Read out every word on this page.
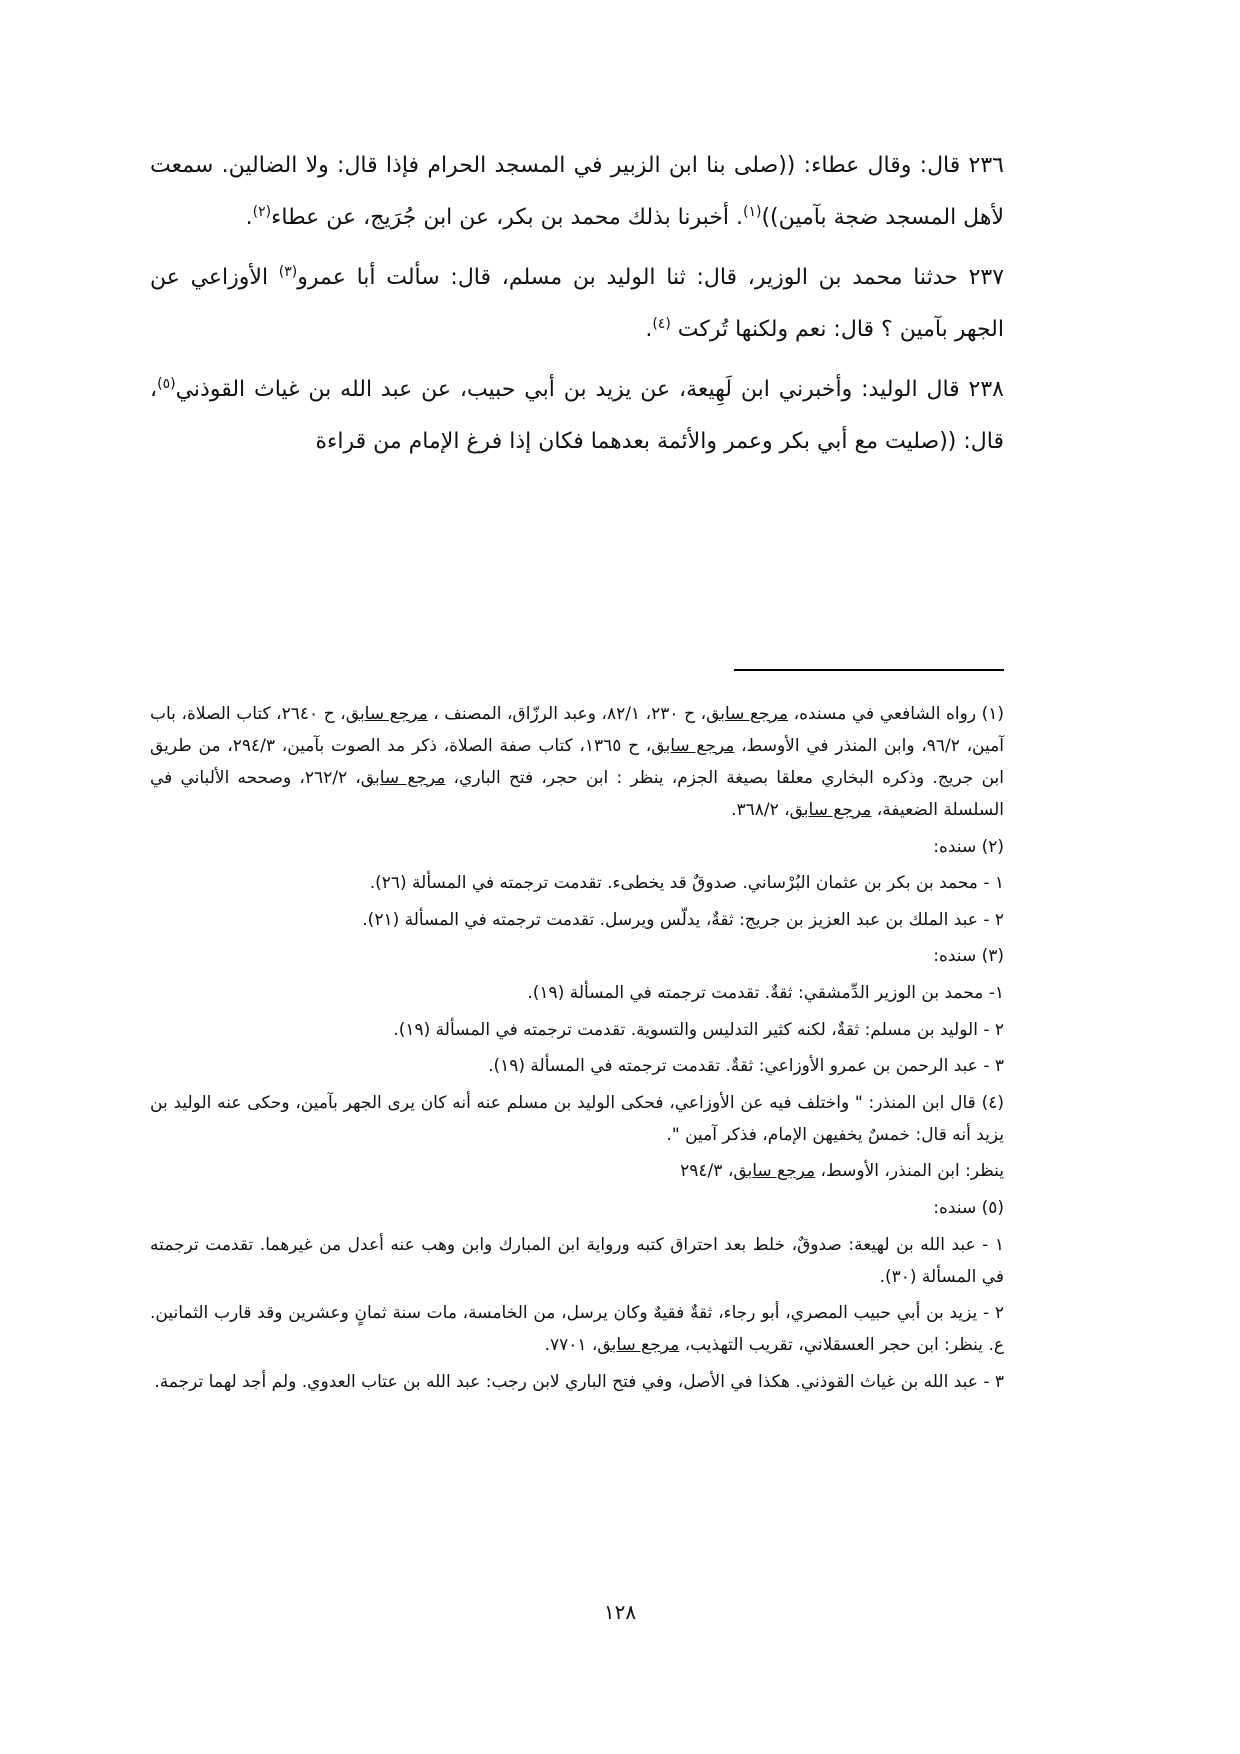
٢٣٦ قال: وقال عطاء: ((صلى بنا ابن الزبير في المسجد الحرام فإذا قال: ولا الضالين. سمعت لأهل المسجد ضجة بآمين))$^{(١)}$. أخبرنا بذلك محمد بن بكر، عن ابن جُرَيج، عن عطاء$^{(٢)}$.

٢٣٧ حدثنا محمد بن الوزير، قال: ثنا الوليد بن مسلم، قال: سألت أبا عمرو$^{(٣)}$ الأوزاعي عن الجهر بآمين ؟ قال: نعم ولكنها تُركت $^{(٤)}$.

٢٣٨ قال الوليد: وأخبرني ابن لَهِيعة، عن يزيد بن أبي حبيب، عن عبد الله بن غياث القوذني$^{(٥)}$، قال: ((صليت مع أبي بكر وعمر والأئمة بعدهما فكان إذا فرغ الإمام من قراءة

(١) رواه الشافعي في مسنده، مرجع سابق، ح ٢٣٠، ٨٢/١، وعبد الرزّاق، المصنف ، مرجع سابق، ح ٢٦٤٠، كتاب الصلاة، باب آمين، ٩٦/٢، وابن المنذر في الأوسط، مرجع سابق، ح ١٣٦٥، كتاب صفة الصلاة، ذكر مد الصوت بآمين، ٢٩٤/٣، من طريق ابن جريج. وذكره البخاري معلقا بصيغة الجزم، ينظر : ابن حجر، فتح الباري، مرجع سابق، ٢٦٢/٢، وصححه الألباني في السلسلة الضعيفة، مرجع سابق، ٣٦٨/٢.

(٢) سنده:

١ - محمد بن بكر بن عثمان البُرْساني. صدوقٌ قد يخطىء. تقدمت ترجمته في المسألة (٢٦).

٢ - عبد الملك بن عبد العزيز بن جريج: ثقةٌ، يدلّس ويرسل. تقدمت ترجمته في المسألة (٢١).

(٣) سنده:

١- محمد بن الوزير الدِّمشقي: ثقةٌ. تقدمت ترجمته في المسألة (١٩).

٢ - الوليد بن مسلم: ثقةٌ، لكنه كثير التدليس والتسوية. تقدمت ترجمته في المسألة (١٩).

٣ - عبد الرحمن بن عمرو الأوزاعي: ثقةٌ. تقدمت ترجمته في المسألة (١٩).

(٤) قال ابن المنذر: " واختلف فيه عن الأوزاعي، فحكى الوليد بن مسلم عنه أنه كان يرى الجهر بآمين، وحكى عنه الوليد بن يزيد أنه قال: خمسٌ يخفيهن الإمام، فذكر آمين ".

ينظر: ابن المنذر، الأوسط، مرجع سابق، ٢٩٤/٣

(٥) سنده:

١ - عبد الله بن لهيعة: صدوقٌ، خلط بعد احتراق كتبه ورواية ابن المبارك وابن وهب عنه أعدل من غيرهما. تقدمت ترجمته في المسألة (٣٠).

٢ - يزيد بن أبي حبيب المصري، أبو رجاء، ثقةٌ فقيهٌ وكان يرسل، من الخامسة، مات سنة ثمانٍ وعشرين وقد قارب الثمانين. ع. ينظر: ابن حجر العسقلاني، تقريب التهذيب، مرجع سابق، ٧٧٠١.

٣ - عبد الله بن غياث القوذني. هكذا في الأصل، وفي فتح الباري لابن رجب: عبد الله بن عتاب العدوي. ولم أجد لهما ترجمة.

١٢٨
